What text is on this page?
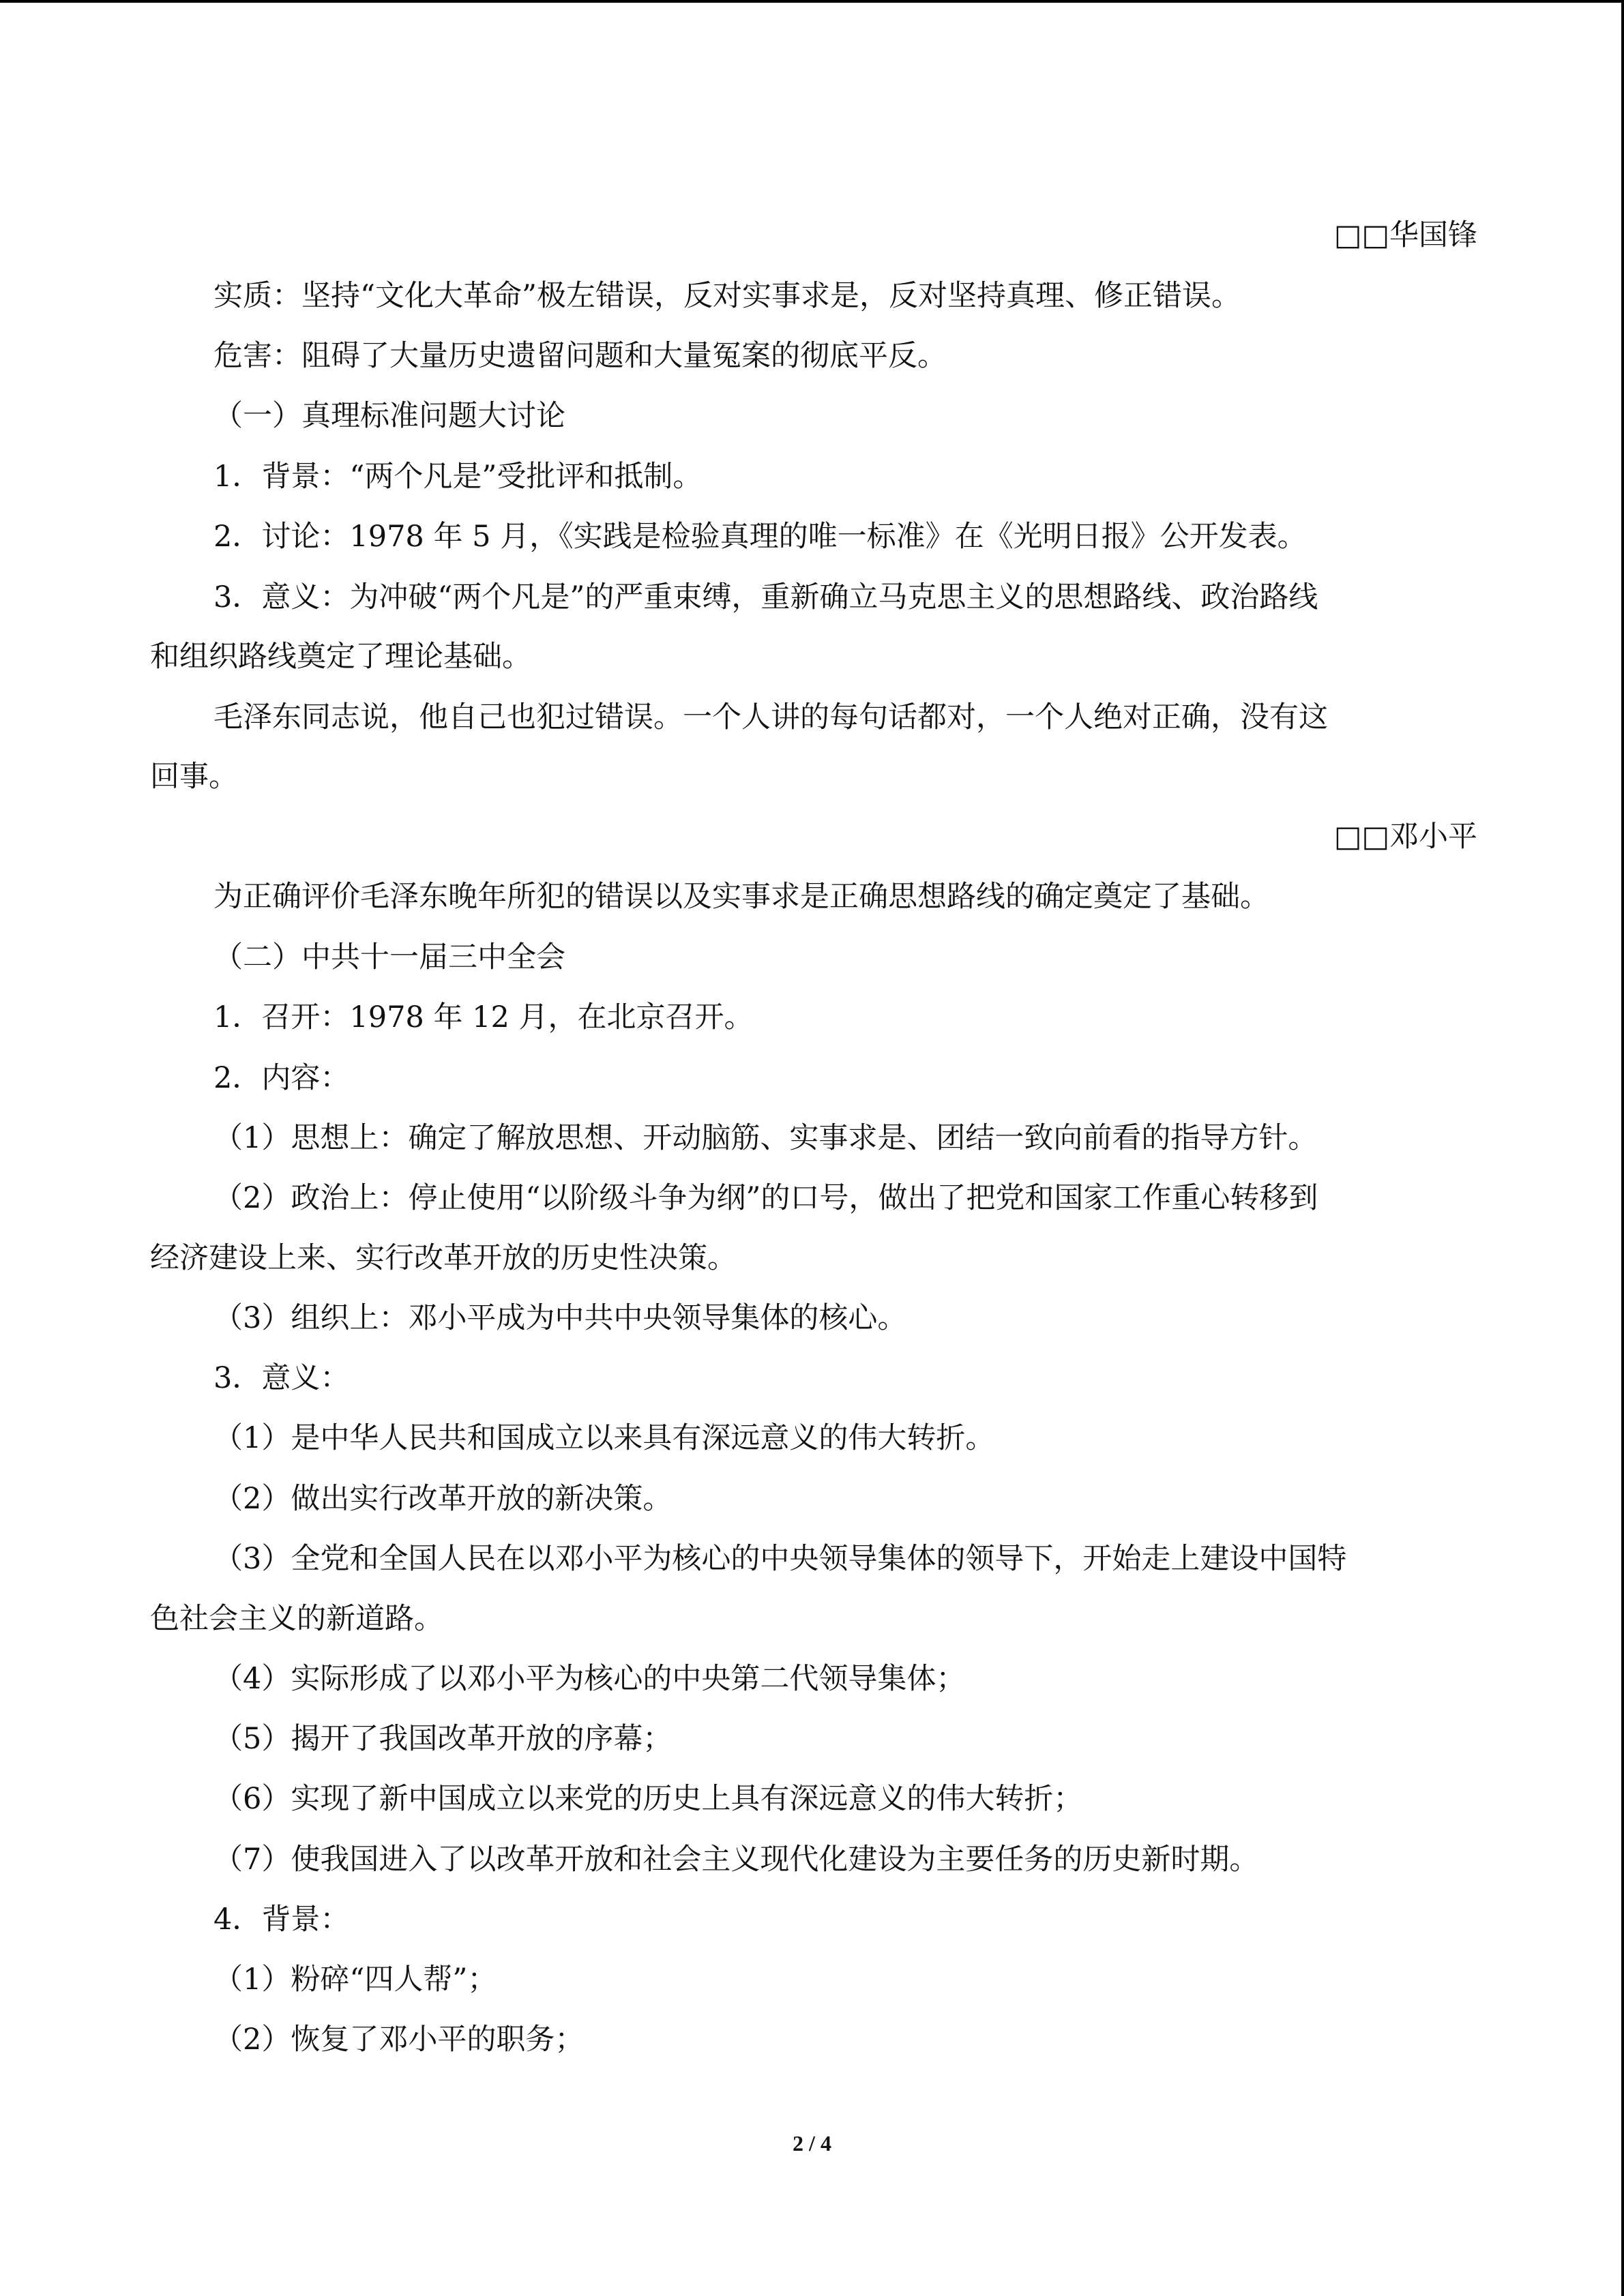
□□华国锋
实质：坚持“文化大革命”极左错误，反对实事求是，反对坚持真理、修正错误。
危害：阻碍了大量历史遗留问题和大量冤案的彻底平反。
（一）真理标准问题大讨论
1．背景：“两个凡是”受批评和抵制。
2．讨论：1978 年 5 月，《实践是检验真理的唯一标准》在《光明日报》公开发表。
3．意义：为冲破“两个凡是”的严重束缚，重新确立马克思主义的思想路线、政治路线
和组织路线奠定了理论基础。
毛泽东同志说，他自己也犯过错误。一个人讲的每句话都对，一个人绝对正确，没有这
回事。
□□邓小平
为正确评价毛泽东晚年所犯的错误以及实事求是正确思想路线的确定奠定了基础。
（二）中共十一届三中全会
1．召开：1978 年 12 月，在北京召开。
2．内容：
（1）思想上：确定了解放思想、开动脑筋、实事求是、团结一致向前看的指导方针。
（2）政治上：停止使用“以阶级斗争为纲”的口号，做出了把党和国家工作重心转移到
经济建设上来、实行改革开放的历史性决策。
（3）组织上：邓小平成为中共中央领导集体的核心。
3．意义：
（1）是中华人民共和国成立以来具有深远意义的伟大转折。
（2）做出实行改革开放的新决策。
（3）全党和全国人民在以邓小平为核心的中央领导集体的领导下，开始走上建设中国特
色社会主义的新道路。
（4）实际形成了以邓小平为核心的中央第二代领导集体；
（5）揭开了我国改革开放的序幕；
（6）实现了新中国成立以来党的历史上具有深远意义的伟大转折；
（7）使我国进入了以改革开放和社会主义现代化建设为主要任务的历史新时期。
4．背景：
（1）粉碎“四人帮”；
（2）恢复了邓小平的职务；
2 / 4
